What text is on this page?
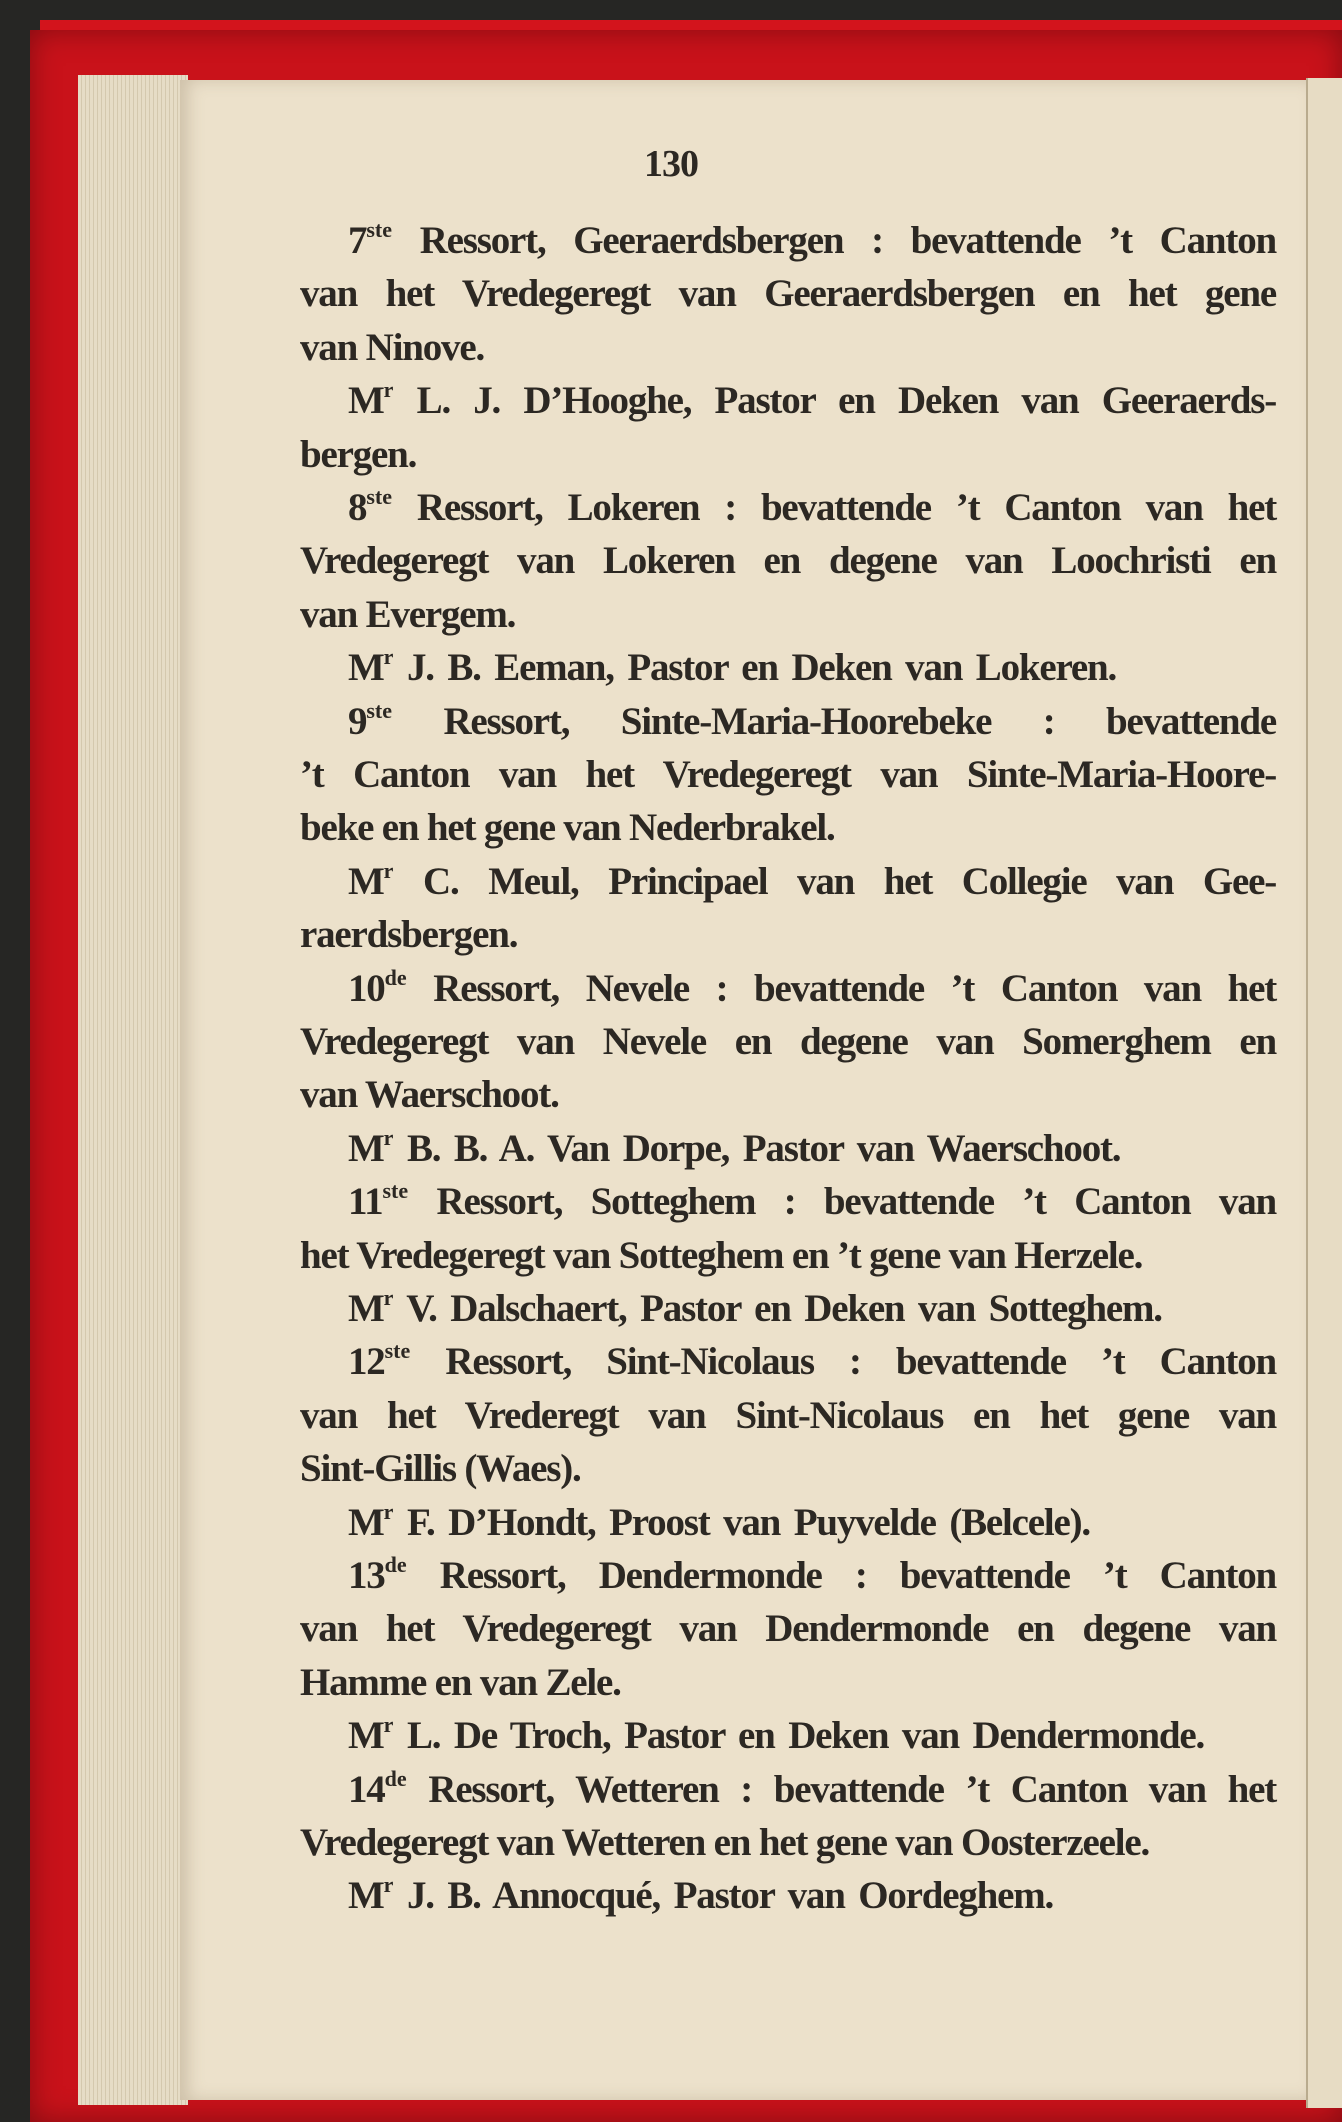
130
7ste Ressort, Geeraerdsbergen : bevattende ’t Canton
van het Vredegeregt van Geeraerdsbergen en het gene
van Ninove.
$M^r$ L. J. D’Hooghe, Pastor en Deken van Geeraerds-
bergen.
8ste Ressort, Lokeren : bevattende ’t Canton van het
Vredegeregt van Lokeren en degene van Loochristi en
van Evergem.
$M^r$ J. B. Eeman, Pastor en Deken van Lokeren.
9ste Ressort, Sinte-Maria-Hoorebeke : bevattende
’t Canton van het Vredegeregt van Sinte-Maria-Hoore-
beke en het gene van Nederbrakel.
$M^r$ C. Meul, Principael van het Collegie van Gee-
raerdsbergen.
10de Ressort, Nevele : bevattende ’t Canton van het
Vredegeregt van Nevele en degene van Somerghem en
van Waerschoot.
$M^r$ B. B. A. Van Dorpe, Pastor van Waerschoot.
11ste Ressort, Sotteghem : bevattende ’t Canton van
het Vredegeregt van Sotteghem en ’t gene van Herzele.
$M^r$ V. Dalschaert, Pastor en Deken van Sotteghem.
12ste Ressort, Sint-Nicolaus : bevattende ’t Canton
van het Vrederegt van Sint-Nicolaus en het gene van
Sint-Gillis (Waes).
$M^r$ F. D’Hondt, Proost van Puyvelde (Belcele).
13de Ressort, Dendermonde : bevattende ’t Canton
van het Vredegeregt van Dendermonde en degene van
Hamme en van Zele.
$M^r$ L. De Troch, Pastor en Deken van Dendermonde.
14de Ressort, Wetteren : bevattende ’t Canton van het
Vredegeregt van Wetteren en het gene van Oosterzeele.
$M^r$ J. B. Annocqué, Pastor van Oordeghem.
